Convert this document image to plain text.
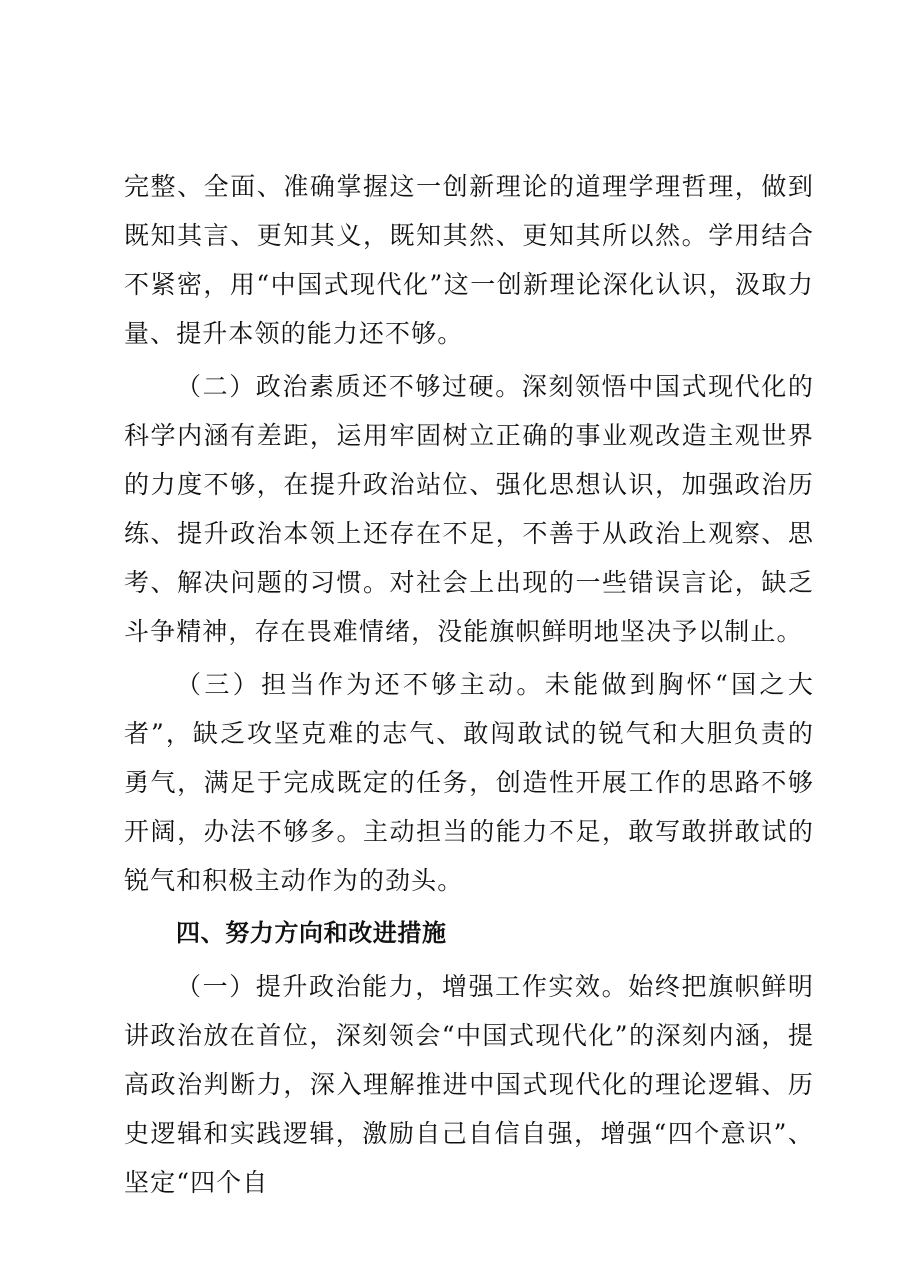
完整、全面、准确掌握这一创新理论的道理学理哲理，做到既知其言、更知其义，既知其然、更知其所以然。学用结合不紧密，用“中国式现代化”这一创新理论深化认识，汲取力量、提升本领的能力还不够。

（二）政治素质还不够过硬。深刻领悟中国式现代化的科学内涵有差距，运用牢固树立正确的事业观改造主观世界的力度不够，在提升政治站位、强化思想认识，加强政治历练、提升政治本领上还存在不足，不善于从政治上观察、思考、解决问题的习惯。对社会上出现的一些错误言论，缺乏斗争精神，存在畏难情绪，没能旗帜鲜明地坚决予以制止。

（三）担当作为还不够主动。未能做到胸怀“国之大者”，缺乏攻坚克难的志气、敢闯敢试的锐气和大胆负责的勇气，满足于完成既定的任务，创造性开展工作的思路不够开阔，办法不够多。主动担当的能力不足，敢写敢拼敢试的锐气和积极主动作为的劲头。

四、努力方向和改进措施

（一）提升政治能力，增强工作实效。始终把旗帜鲜明讲政治放在首位，深刻领会“中国式现代化”的深刻内涵，提高政治判断力，深入理解推进中国式现代化的理论逻辑、历史逻辑和实践逻辑，激励自己自信自强，增强“四个意识”、坚定“四个自
